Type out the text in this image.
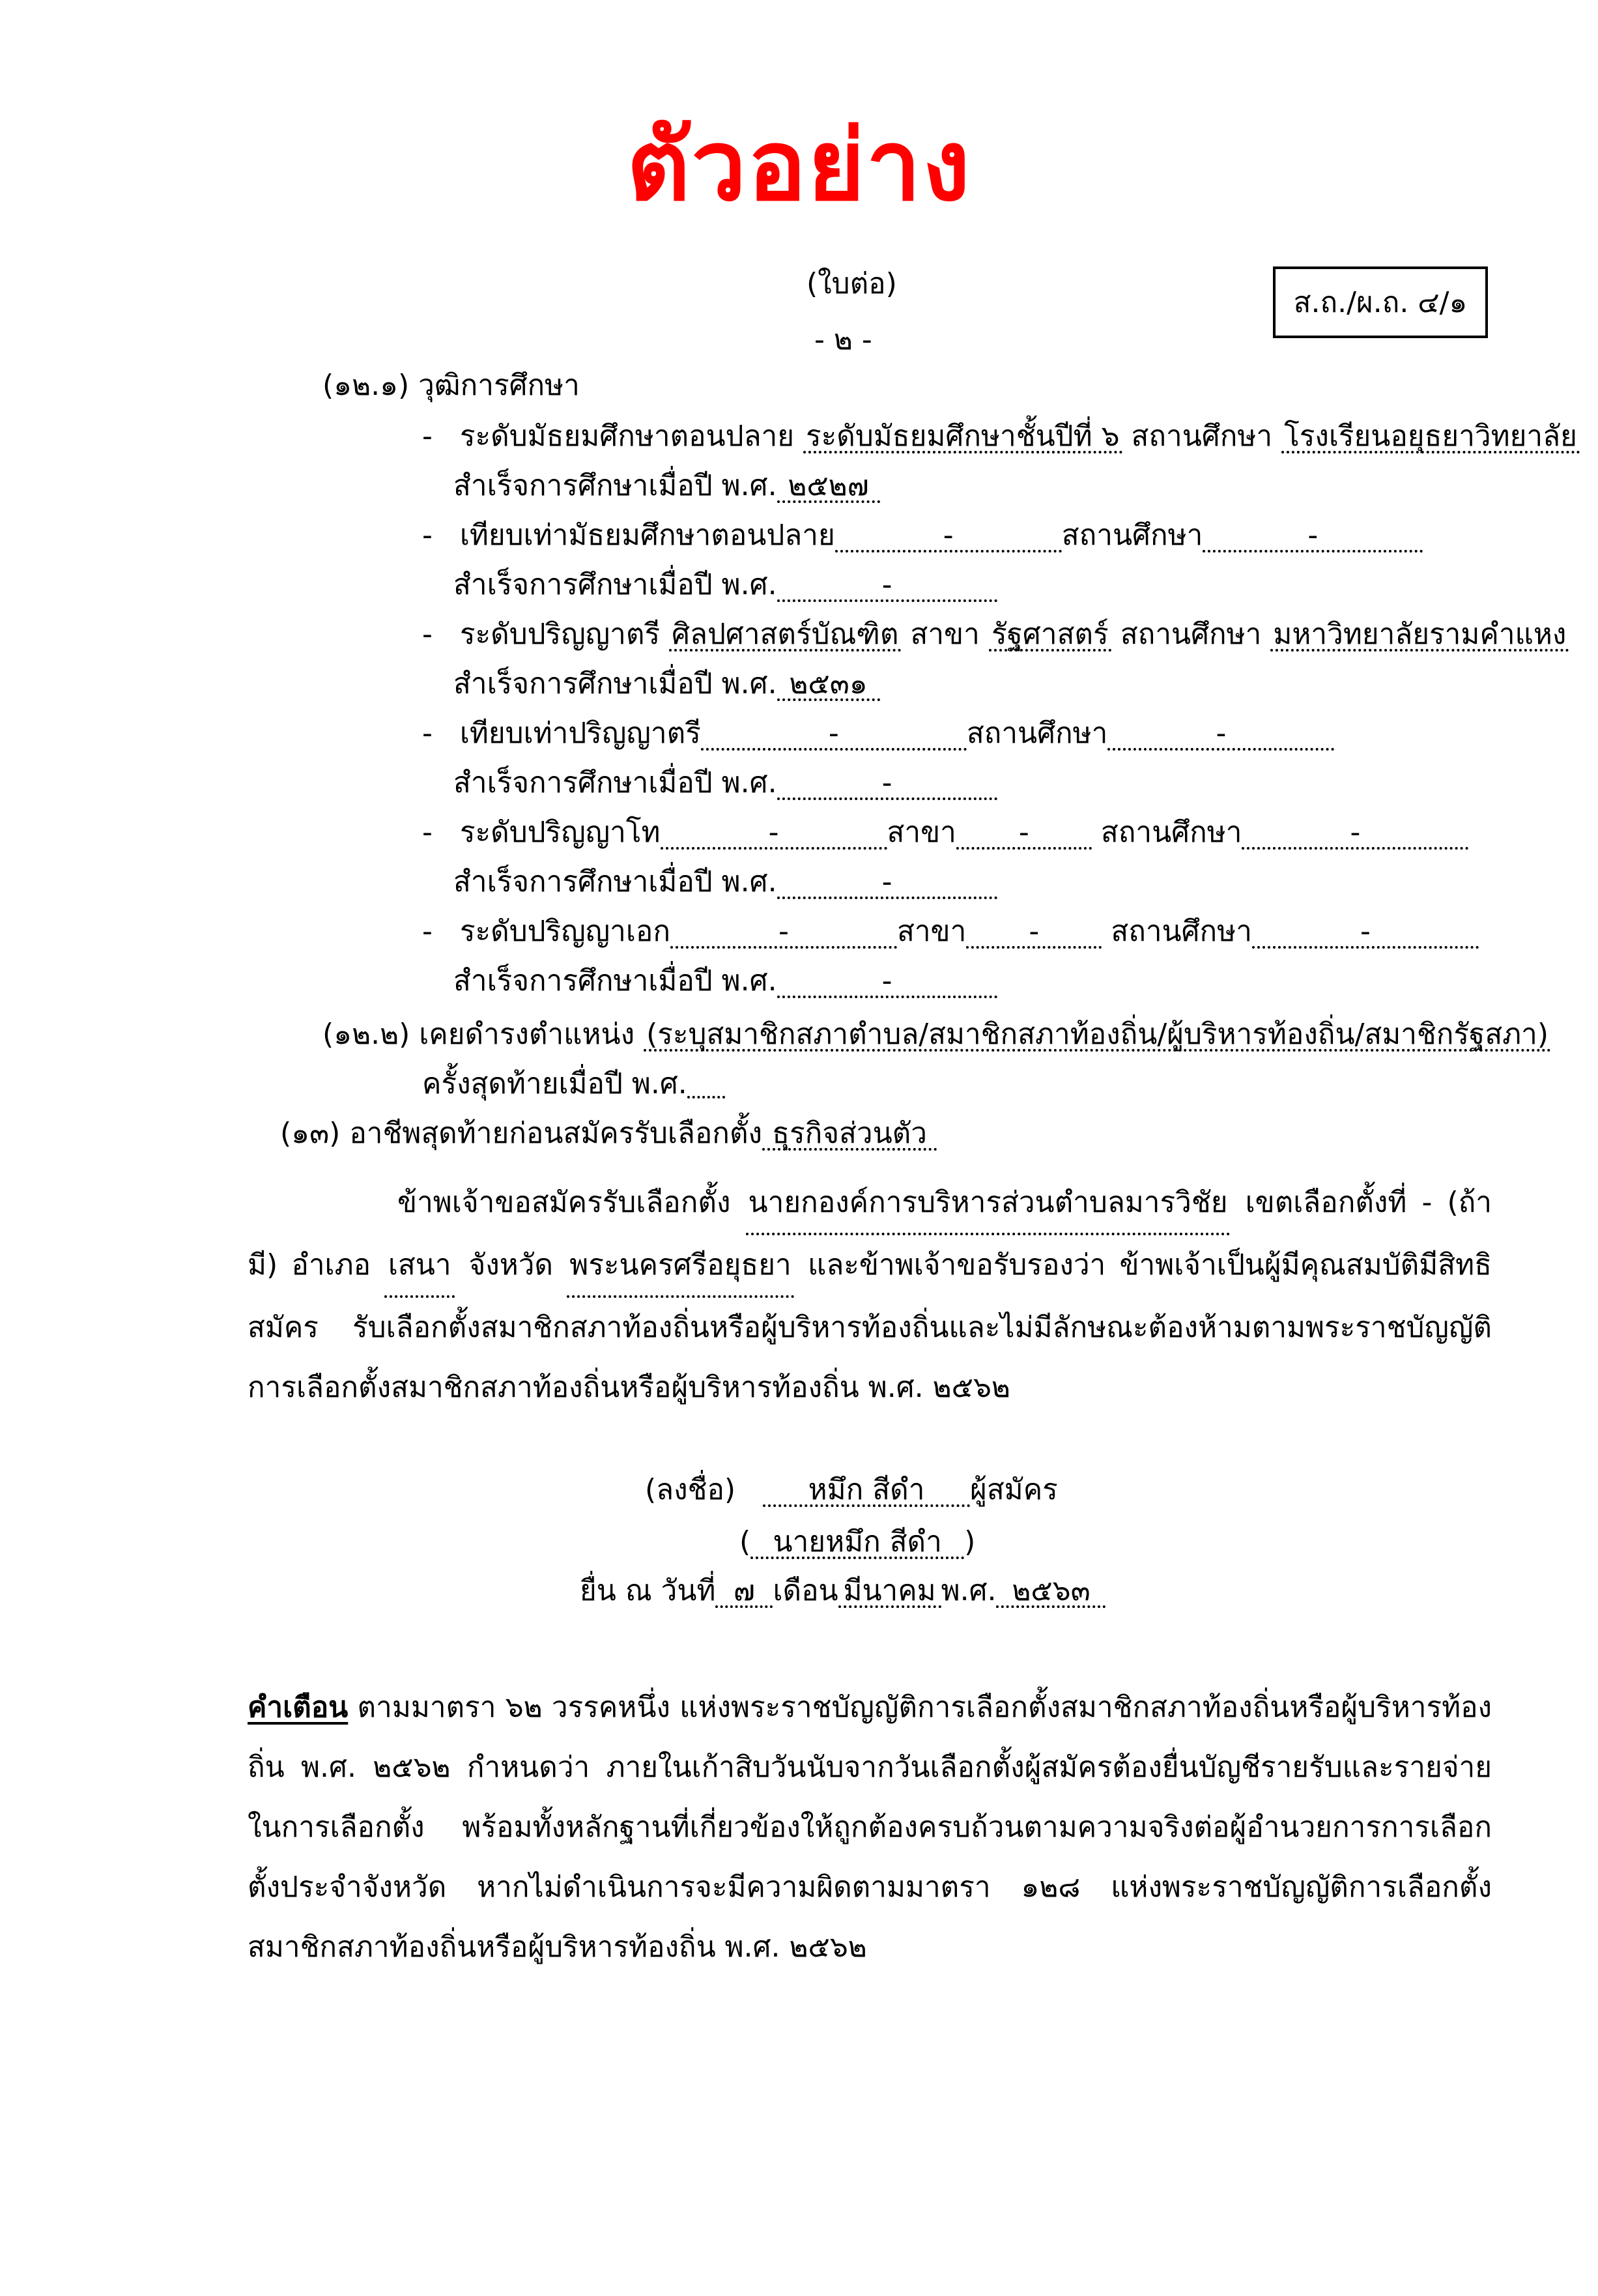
ตัวอย่าง
(ใบต่อ)
- ๒ -
ส.ถ./ผ.ถ. ๔/๑
(๑๒.๑) วุฒิการศึกษา
- ระดับมัธยมศึกษาตอนปลาย ระดับมัธยมศึกษาชั้นปีที่ ๖ สถานศึกษา โรงเรียนอยุธยาวิทยาลัย
สำเร็จการศึกษาเมื่อปี พ.ศ. ๒๕๒๗
- เทียบเท่ามัธยมศึกษาตอนปลาย	-	สถานศึกษา	-
สำเร็จการศึกษาเมื่อปี พ.ศ.	-
- ระดับปริญญาตรี ศิลปศาสตร์บัณฑิต สาขา รัฐศาสตร์ สถานศึกษา มหาวิทยาลัยรามคำแหง
สำเร็จการศึกษาเมื่อปี พ.ศ. ๒๕๓๑
- เทียบเท่าปริญญาตรี	-	สถานศึกษา	-
สำเร็จการศึกษาเมื่อปี พ.ศ.	-
- ระดับปริญญาโท	-	สาขา -	สถานศึกษา	-
สำเร็จการศึกษาเมื่อปี พ.ศ.	-
- ระดับปริญญาเอก	-	สาขา -	สถานศึกษา	-
สำเร็จการศึกษาเมื่อปี พ.ศ.	-
(๑๒.๒) เคยดำรงตำแหน่ง (ระบุสมาชิกสภาตำบล/สมาชิกสภาท้องถิ่น/ผู้บริหารท้องถิ่น/สมาชิกรัฐสภา)
ครั้งสุดท้ายเมื่อปี พ.ศ.
(๑๓) อาชีพสุดท้ายก่อนสมัครรับเลือกตั้ง ธุรกิจส่วนตัว
ข้าพเจ้าขอสมัครรับเลือกตั้ง นายกองค์การบริหารส่วนตำบลมารวิชัย เขตเลือกตั้งที่ - (ถ้ามี) อำเภอ เสนา จังหวัด พระนครศรีอยุธยา และข้าพเจ้าขอรับรองว่า ข้าพเจ้าเป็นผู้มีคุณสมบัติมีสิทธิสมัคร รับเลือกตั้งสมาชิกสภาท้องถิ่นหรือผู้บริหารท้องถิ่นและไม่มีลักษณะต้องห้ามตามพระราชบัญญัติ การเลือกตั้งสมาชิกสภาท้องถิ่นหรือผู้บริหารท้องถิ่น พ.ศ. ๒๕๖๒
(ลงชื่อ)	หมึก สีดำ ผู้สมัคร
( นายหมึก สีดำ )
ยื่น ณ วันที่ ๗ เดือน มีนาคม พ.ศ. ๒๕๖๓
คำเตือน ตามมาตรา ๖๒ วรรคหนึ่ง แห่งพระราชบัญญัติการเลือกตั้งสมาชิกสภาท้องถิ่นหรือผู้บริหารท้องถิ่น พ.ศ. ๒๕๖๒ กำหนดว่า ภายในเก้าสิบวันนับจากวันเลือกตั้งผู้สมัครต้องยื่นบัญชีรายรับและรายจ่ายในการเลือกตั้ง พร้อมทั้งหลักฐานที่เกี่ยวข้องให้ถูกต้องครบถ้วนตามความจริงต่อผู้อำนวยการการเลือกตั้งประจำจังหวัด หากไม่ดำเนินการจะมีความผิดตามมาตรา ๑๒๘ แห่งพระราชบัญญัติการเลือกตั้งสมาชิกสภาท้องถิ่นหรือผู้บริหารท้องถิ่น พ.ศ. ๒๕๖๒
